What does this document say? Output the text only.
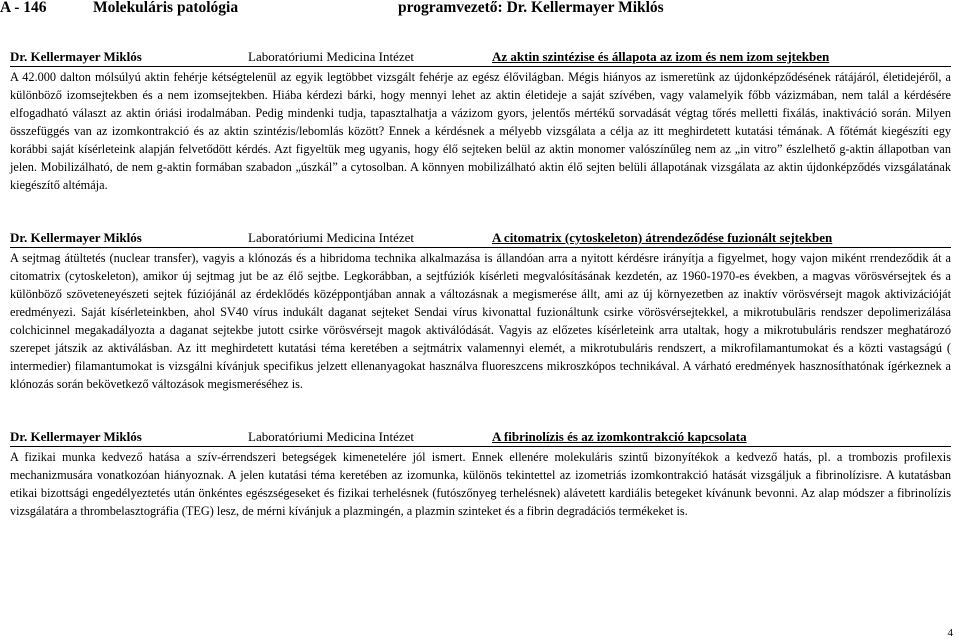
A - 146	Molekuláris patológia	programvezető: Dr. Kellermayer Miklós
Dr. Kellermayer Miklós	Laboratóriumi Medicina Intézet	Az aktin szintézise és állapota az izom és nem izom sejtekben

A 42.000 dalton mólsúlyú aktin fehérje kétségtelenül az egyik legtöbbet vizsgált fehérje az egész élővilágban. Mégis hiányos az ismeretünk az újdonképződésének rátájáról, életidejéről, a különböző izomsejtekben és a nem izomsejtekben. Hiába kérdezi bárki, hogy mennyi lehet az aktin életideje a saját szívében, vagy valamelyik főbb vázizmában, nem talál a kérdésére elfogadható választ az aktin óriási irodalmában. Pedig mindenki tudja, tapasztalhatja a vázizom gyors, jelentős mértékű sorvadását végtag tőrés melletti fixálás, inaktiváció során. Milyen összefüggés van az izomkontrakció és az aktin szintézis/lebomlás között? Ennek a kérdésnek a mélyebb vizsgálata a célja az itt meghirdetett kutatási témának. A főtémát kiegészíti egy korábbi saját kísérleteink alapján felvetődött kérdés. Azt figyeltük meg ugyanis, hogy élő sejteken belül az aktin monomer valószínűleg nem az „in vitro” észlelhető g-aktin állapotban van jelen. Mobilizálható, de nem g-aktin formában szabadon „úszkál” a cytosolban. A könnyen mobilizálható aktin élő sejten belüli állapotának vizsgálata az aktin újdonképződés vizsgálatának kiegészítő altémája.

Dr. Kellermayer Miklós	Laboratóriumi Medicina Intézet	A citomatrix (cytoskeleton) átrendeződése fuzionált sejtekben

A sejtmag átültetés (nuclear transfer), vagyis a klónozás és a hibridoma technika alkalmazása is állandóan arra a nyitott kérdésre irányítja a figyelmet, hogy vajon miként rrendeződik át a citomatrix (cytoskeleton), amikor új sejtmag jut be az élő sejtbe. Legkorábban, a sejtfúziók kísérleti megvalósításának kezdetén, az 1960-1970-es években, a magvas vörösvérsejtek és a különböző szöveteneyészeti sejtek fúziójánál az érdeklődés középpontjában annak a változásnak a megismerése állt, ami az új környezetben az inaktív vörösvérsejt magok aktivizációját eredményezi. Saját kísérleteinkben, ahol SV40 vírus indukált daganat sejteket Sendai vírus kivonattal fuzionáltunk csirke vörösvérsejtekkel, a mikrotubulāris rendszer depolimerizálása colchicinnel megakadályozta a daganat sejtekbe jutott csirke vörösvérsejt magok aktiválódását. Vagyis az előzetes kísérleteink arra utaltak, hogy a mikrotubuláris rendszer meghatározó szerepet játszik az aktiválásban. Az itt meghirdetett kutatási téma keretében a sejtmátrix valamennyi elemét, a mikrotubuláris rendszert, a mikrofilamantumokat és a közti vastagságú ( intermedier) filamantumokat is vizsgálni kívánjuk specifikus jelzett ellenanyagokat használva fluoreszcens mikroszkópos technikával. A várható eredmények hasznosíthatónak ígérkeznek a klónozás során bekövetkező változások megismeréséhez is.

Dr. Kellermayer Miklós	Laboratóriumi Medicina Intézet	A fibrinolízis és az izomkontrakció kapcsolata

A fizikai munka kedvező hatása a szív-érrendszeri betegségek kimenetelére jól ismert. Ennek ellenére molekuláris szintű bizonyítékok a kedvező hatás, pl. a trombozis profilexis mechanizmusára vonatkozóan hiányoznak. A jelen kutatási téma keretében az izomunka, különös tekintettel az izometriás izomkontrakció hatását vizsgáljuk a fibrinolízisre. A kutatásban etikai bizottsági engedélyeztetés után önkéntes egészségeseket és fizikai terhelésnek (futószőnyeg terhelésnek) alávetett kardiális betegeket kívánunk bevonni. Az alap módszer a fibrinolízis vizsgálatára a thrombelasztográfia (TEG) lesz, de mérni kívánjuk a plazmingén, a plazmin szinteket és a fibrin degradációs termékeket is.

4
